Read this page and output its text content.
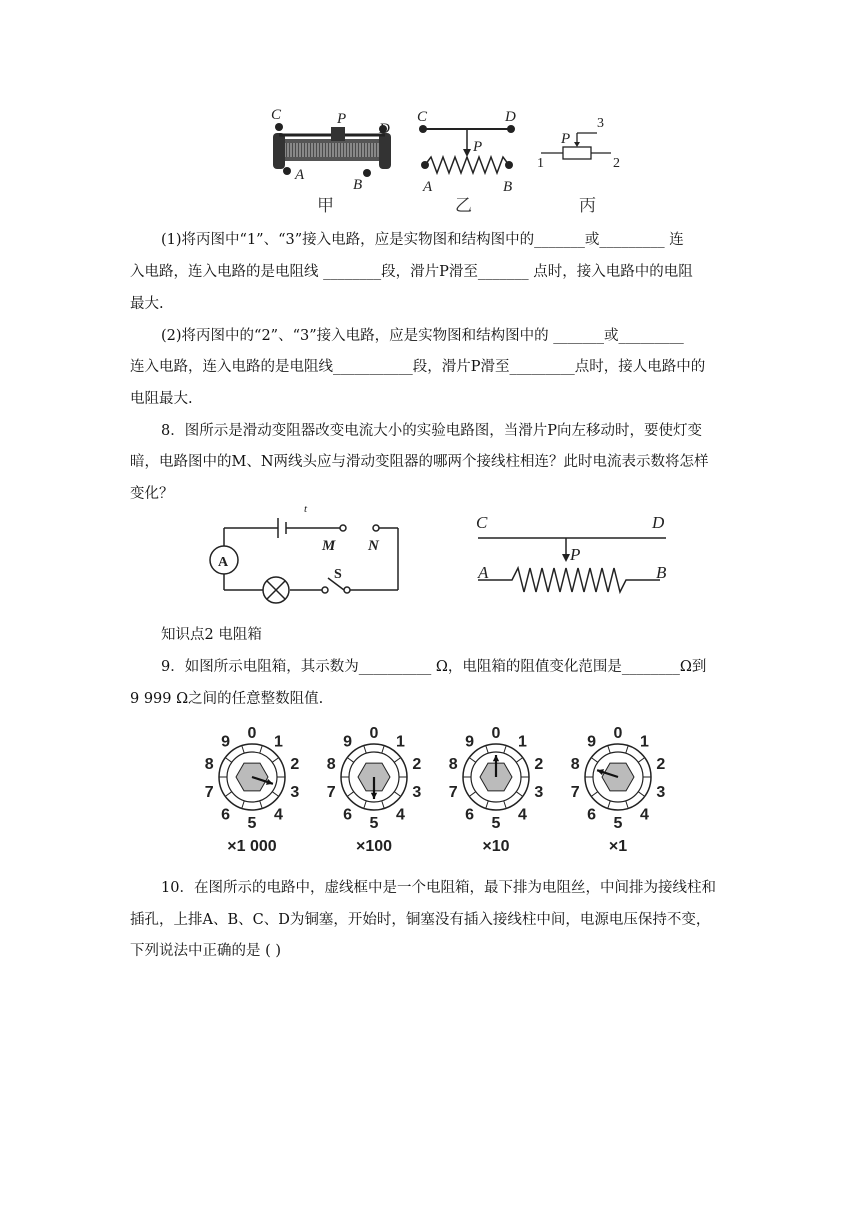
C	P
D
A
B
甲
C	D
P
A	B
乙
P
3
1	2
丙
(1)将丙图中“1”、“3”接入电路，应是实物图和结构图中的_______或_________ 连
入电路，连入电路的是电阻线 ________段，滑片P滑至_______ 点时，接入电路中的电阻
最大.
(2)将丙图中的“2”、“3”接入电路，应是实物图和结构图中的 _______或_________
连入电路，连入电路的是电阻线___________段，滑片P滑至_________点时，接人电路中的
电阻最大.
8．图所示是滑动变阻器改变电流大小的实验电路图，当滑片P向左移动时，要使灯变
暗，电路图中的M、N两线头应与滑动变阻器的哪两个接线柱相连？此时电流表示数将怎样
变化？
A
M N
S
t
C	D
P
A	B
知识点2 电阻箱
9．如图所示电阻箱，其示数为__________ Ω，电阻箱的阻值变化范围是________Ω到
9 999 Ω之间的任意整数阻值.
0
1
2
3
4
5
6
7
8
9
×1 000
0
1
2
3
4
5
6
7
8
9
×100
0
1
2
3
4
5
6
7
8
9
×10
0
1
2
3
4
5
6
7
8
9
×1
10．在图所示的电路中，虚线框中是一个电阻箱，最下排为电阻丝，中间排为接线柱和
插孔，上排A、B、C、D为铜塞，开始时，铜塞没有插入接线柱中间，电源电压保持不变，
下列说法中正确的是 ( )
